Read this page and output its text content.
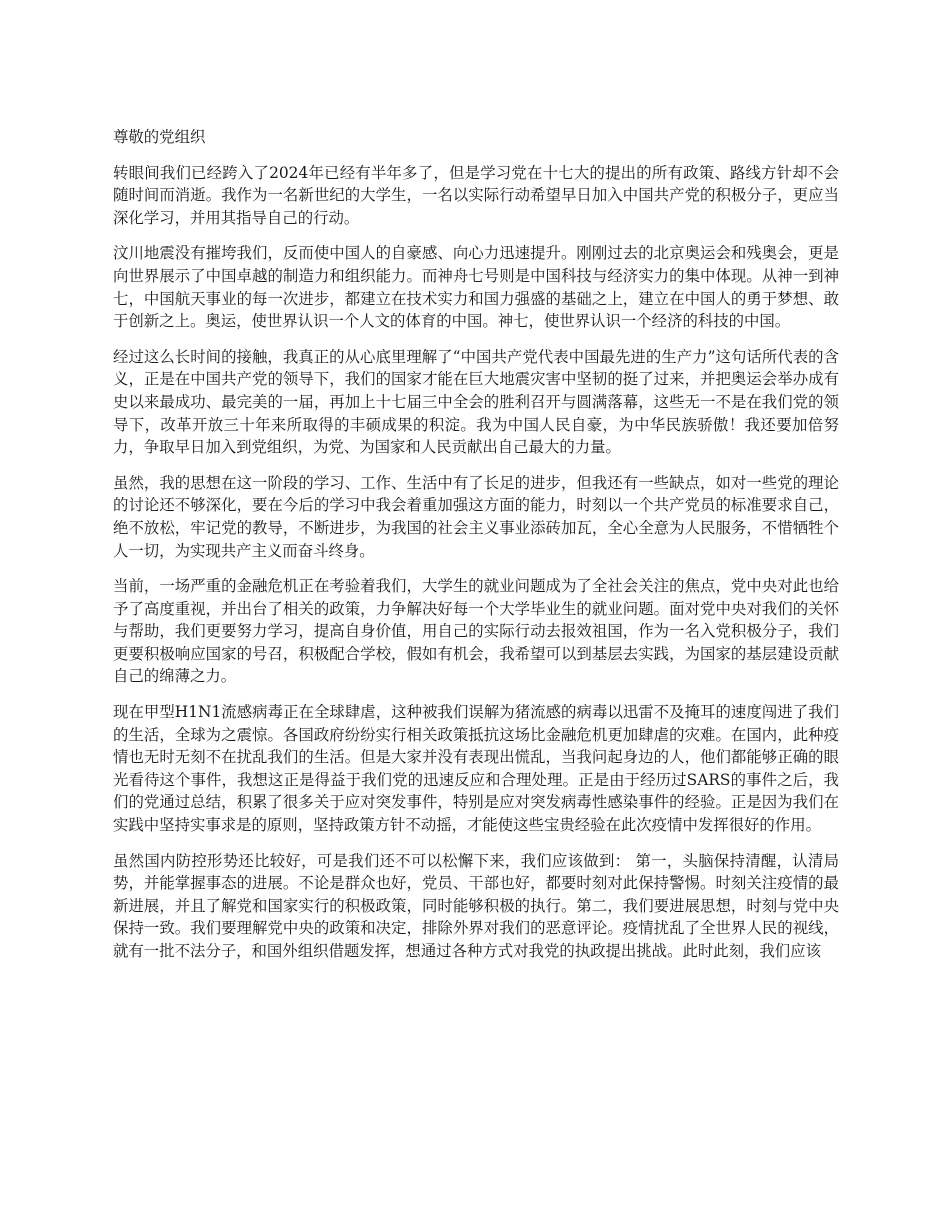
尊敬的党组织

转眼间我们已经跨入了2024年已经有半年多了，但是学习党在十七大的提出的所有政策、路线方针却不会随时间而消逝。我作为一名新世纪的大学生，一名以实际行动希望早日加入中国共产党的积极分子，更应当深化学习，并用其指导自己的行动。

汶川地震没有摧垮我们，反而使中国人的自豪感、向心力迅速提升。刚刚过去的北京奥运会和残奥会，更是向世界展示了中国卓越的制造力和组织能力。而神舟七号则是中国科技与经济实力的集中体现。从神一到神七，中国航天事业的每一次进步，都建立在技术实力和国力强盛的基础之上，建立在中国人的勇于梦想、敢于创新之上。奥运，使世界认识一个人文的体育的中国。神七，使世界认识一个经济的科技的中国。

经过这么长时间的接触，我真正的从心底里理解了“中国共产党代表中国最先进的生产力”这句话所代表的含义，正是在中国共产党的领导下，我们的国家才能在巨大地震灾害中坚韧的挺了过来，并把奥运会举办成有史以来最成功、最完美的一届，再加上十七届三中全会的胜利召开与圆满落幕，这些无一不是在我们党的领导下，改革开放三十年来所取得的丰硕成果的积淀。我为中国人民自豪，为中华民族骄傲！我还要加倍努力，争取早日加入到党组织，为党、为国家和人民贡献出自己最大的力量。

虽然，我的思想在这一阶段的学习、工作、生活中有了长足的进步，但我还有一些缺点，如对一些党的理论的讨论还不够深化，要在今后的学习中我会着重加强这方面的能力，时刻以一个共产党员的标准要求自己，绝不放松，牢记党的教导，不断进步，为我国的社会主义事业添砖加瓦，全心全意为人民服务，不惜牺牲个人一切，为实现共产主义而奋斗终身。

当前，一场严重的金融危机正在考验着我们，大学生的就业问题成为了全社会关注的焦点，党中央对此也给予了高度重视，并出台了相关的政策，力争解决好每一个大学毕业生的就业问题。面对党中央对我们的关怀与帮助，我们更要努力学习，提高自身价值，用自己的实际行动去报效祖国，作为一名入党积极分子，我们更要积极响应国家的号召，积极配合学校，假如有机会，我希望可以到基层去实践，为国家的基层建设贡献自己的绵薄之力。

现在甲型H1N1流感病毒正在全球肆虐，这种被我们误解为猪流感的病毒以迅雷不及掩耳的速度闯进了我们的生活，全球为之震惊。各国政府纷纷实行相关政策抵抗这场比金融危机更加肆虐的灾难。在国内，此种疫情也无时无刻不在扰乱我们的生活。但是大家并没有表现出慌乱，当我问起身边的人，他们都能够正确的眼光看待这个事件，我想这正是得益于我们党的迅速反应和合理处理。正是由于经历过SARS的事件之后，我们的党通过总结，积累了很多关于应对突发事件，特别是应对突发病毒性感染事件的经验。正是因为我们在实践中坚持实事求是的原则，坚持政策方针不动摇，才能使这些宝贵经验在此次疫情中发挥很好的作用。

虽然国内防控形势还比较好，可是我们还不可以松懈下来，我们应该做到： 第一，头脑保持清醒，认清局势，并能掌握事态的进展。不论是群众也好，党员、干部也好，都要时刻对此保持警惕。时刻关注疫情的最新进展，并且了解党和国家实行的积极政策，同时能够积极的执行。第二，我们要进展思想，时刻与党中央保持一致。我们要理解党中央的政策和决定，排除外界对我们的恶意评论。疫情扰乱了全世界人民的视线，就有一批不法分子，和国外组织借题发挥，想通过各种方式对我党的执政提出挑战。此时此刻，我们应该
